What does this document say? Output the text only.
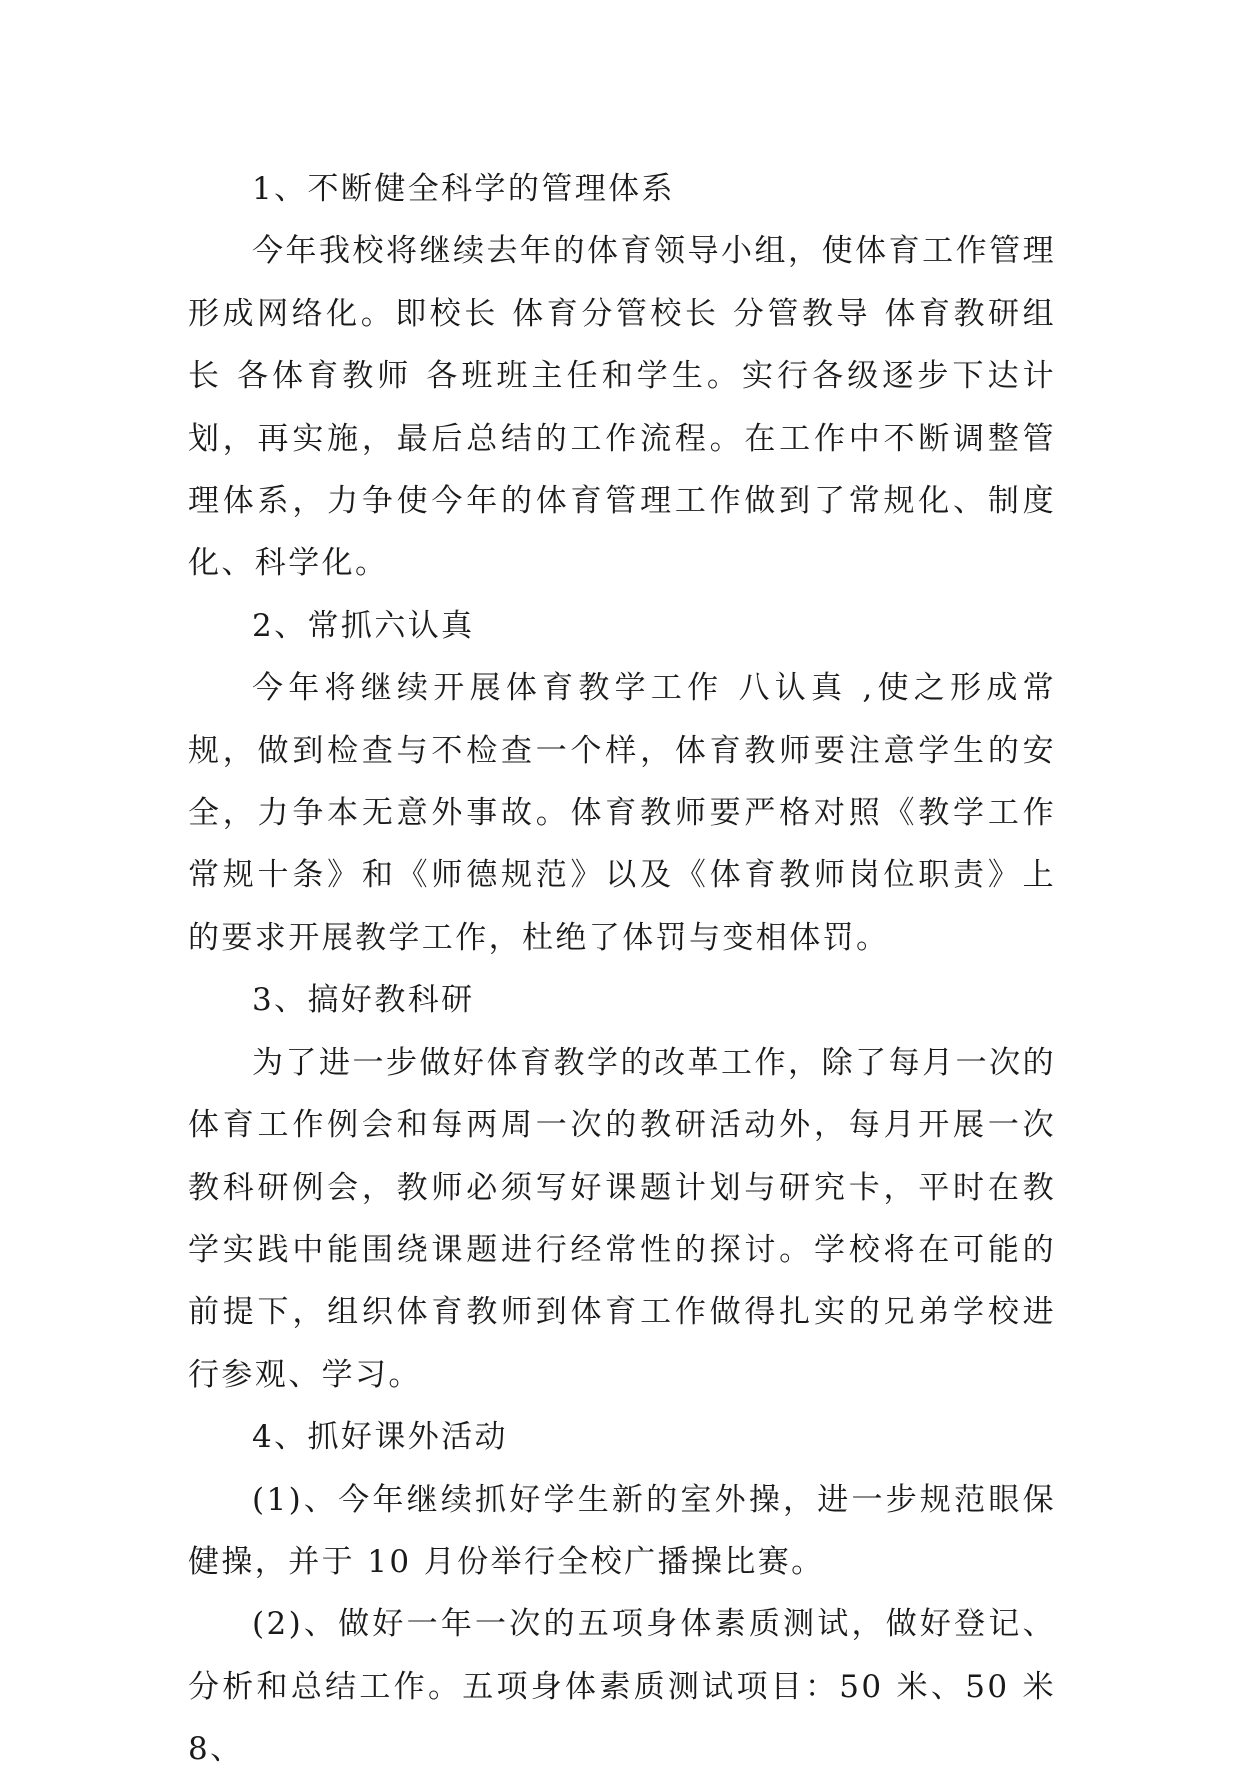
1、不断健全科学的管理体系

今年我校将继续去年的体育领导小组，使体育工作管理形成网络化。即校长 体育分管校长 分管教导 体育教研组长 各体育教师 各班班主任和学生。实行各级逐步下达计划，再实施，最后总结的工作流程。在工作中不断调整管理体系，力争使今年的体育管理工作做到了常规化、制度化、科学化。

2、常抓六认真

今年将继续开展体育教学工作 八认真 ,使之形成常规，做到检查与不检查一个样，体育教师要注意学生的安全，力争本无意外事故。体育教师要严格对照《教学工作常规十条》和《师德规范》以及《体育教师岗位职责》上的要求开展教学工作，杜绝了体罚与变相体罚。

3、搞好教科研

为了进一步做好体育教学的改革工作，除了每月一次的体育工作例会和每两周一次的教研活动外，每月开展一次教科研例会，教师必须写好课题计划与研究卡，平时在教学实践中能围绕课题进行经常性的探讨。学校将在可能的前提下，组织体育教师到体育工作做得扎实的兄弟学校进行参观、学习。

4、抓好课外活动

(1)、今年继续抓好学生新的室外操，进一步规范眼保健操，并于 10 月份举行全校广播操比赛。

(2)、做好一年一次的五项身体素质测试，做好登记、分析和总结工作。五项身体素质测试项目：50 米、50 米 8、
